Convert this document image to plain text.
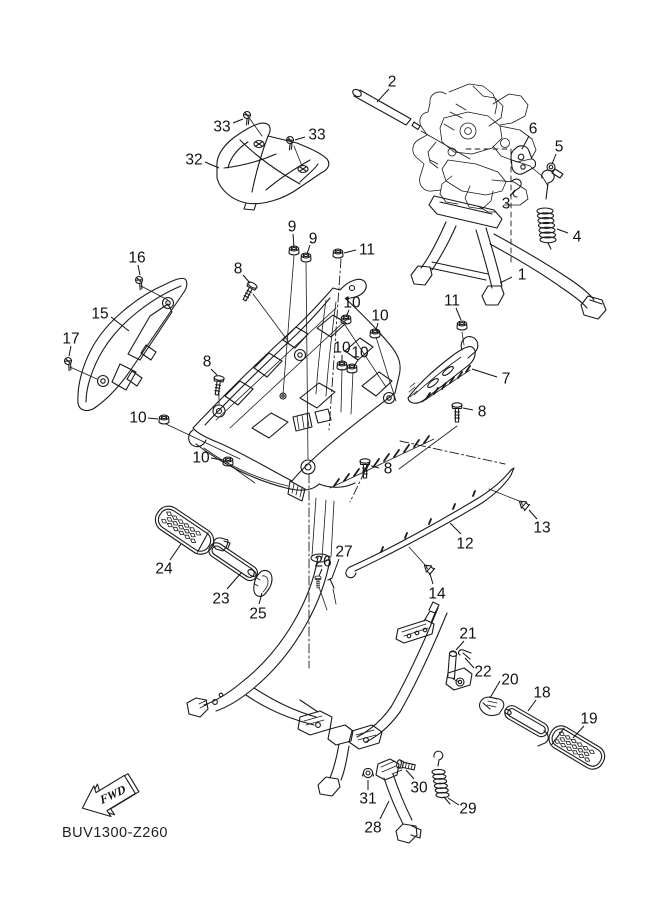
FWD
BUV1300-Z260
2
33	33
32
6
5
3
4
9
9
11
16
8	1
10	11
15	10
17
10 10
8
7
8
10
10
8
13
12
14
24
23
25
26
27
21
22 20
18
19
31
30
28
29
